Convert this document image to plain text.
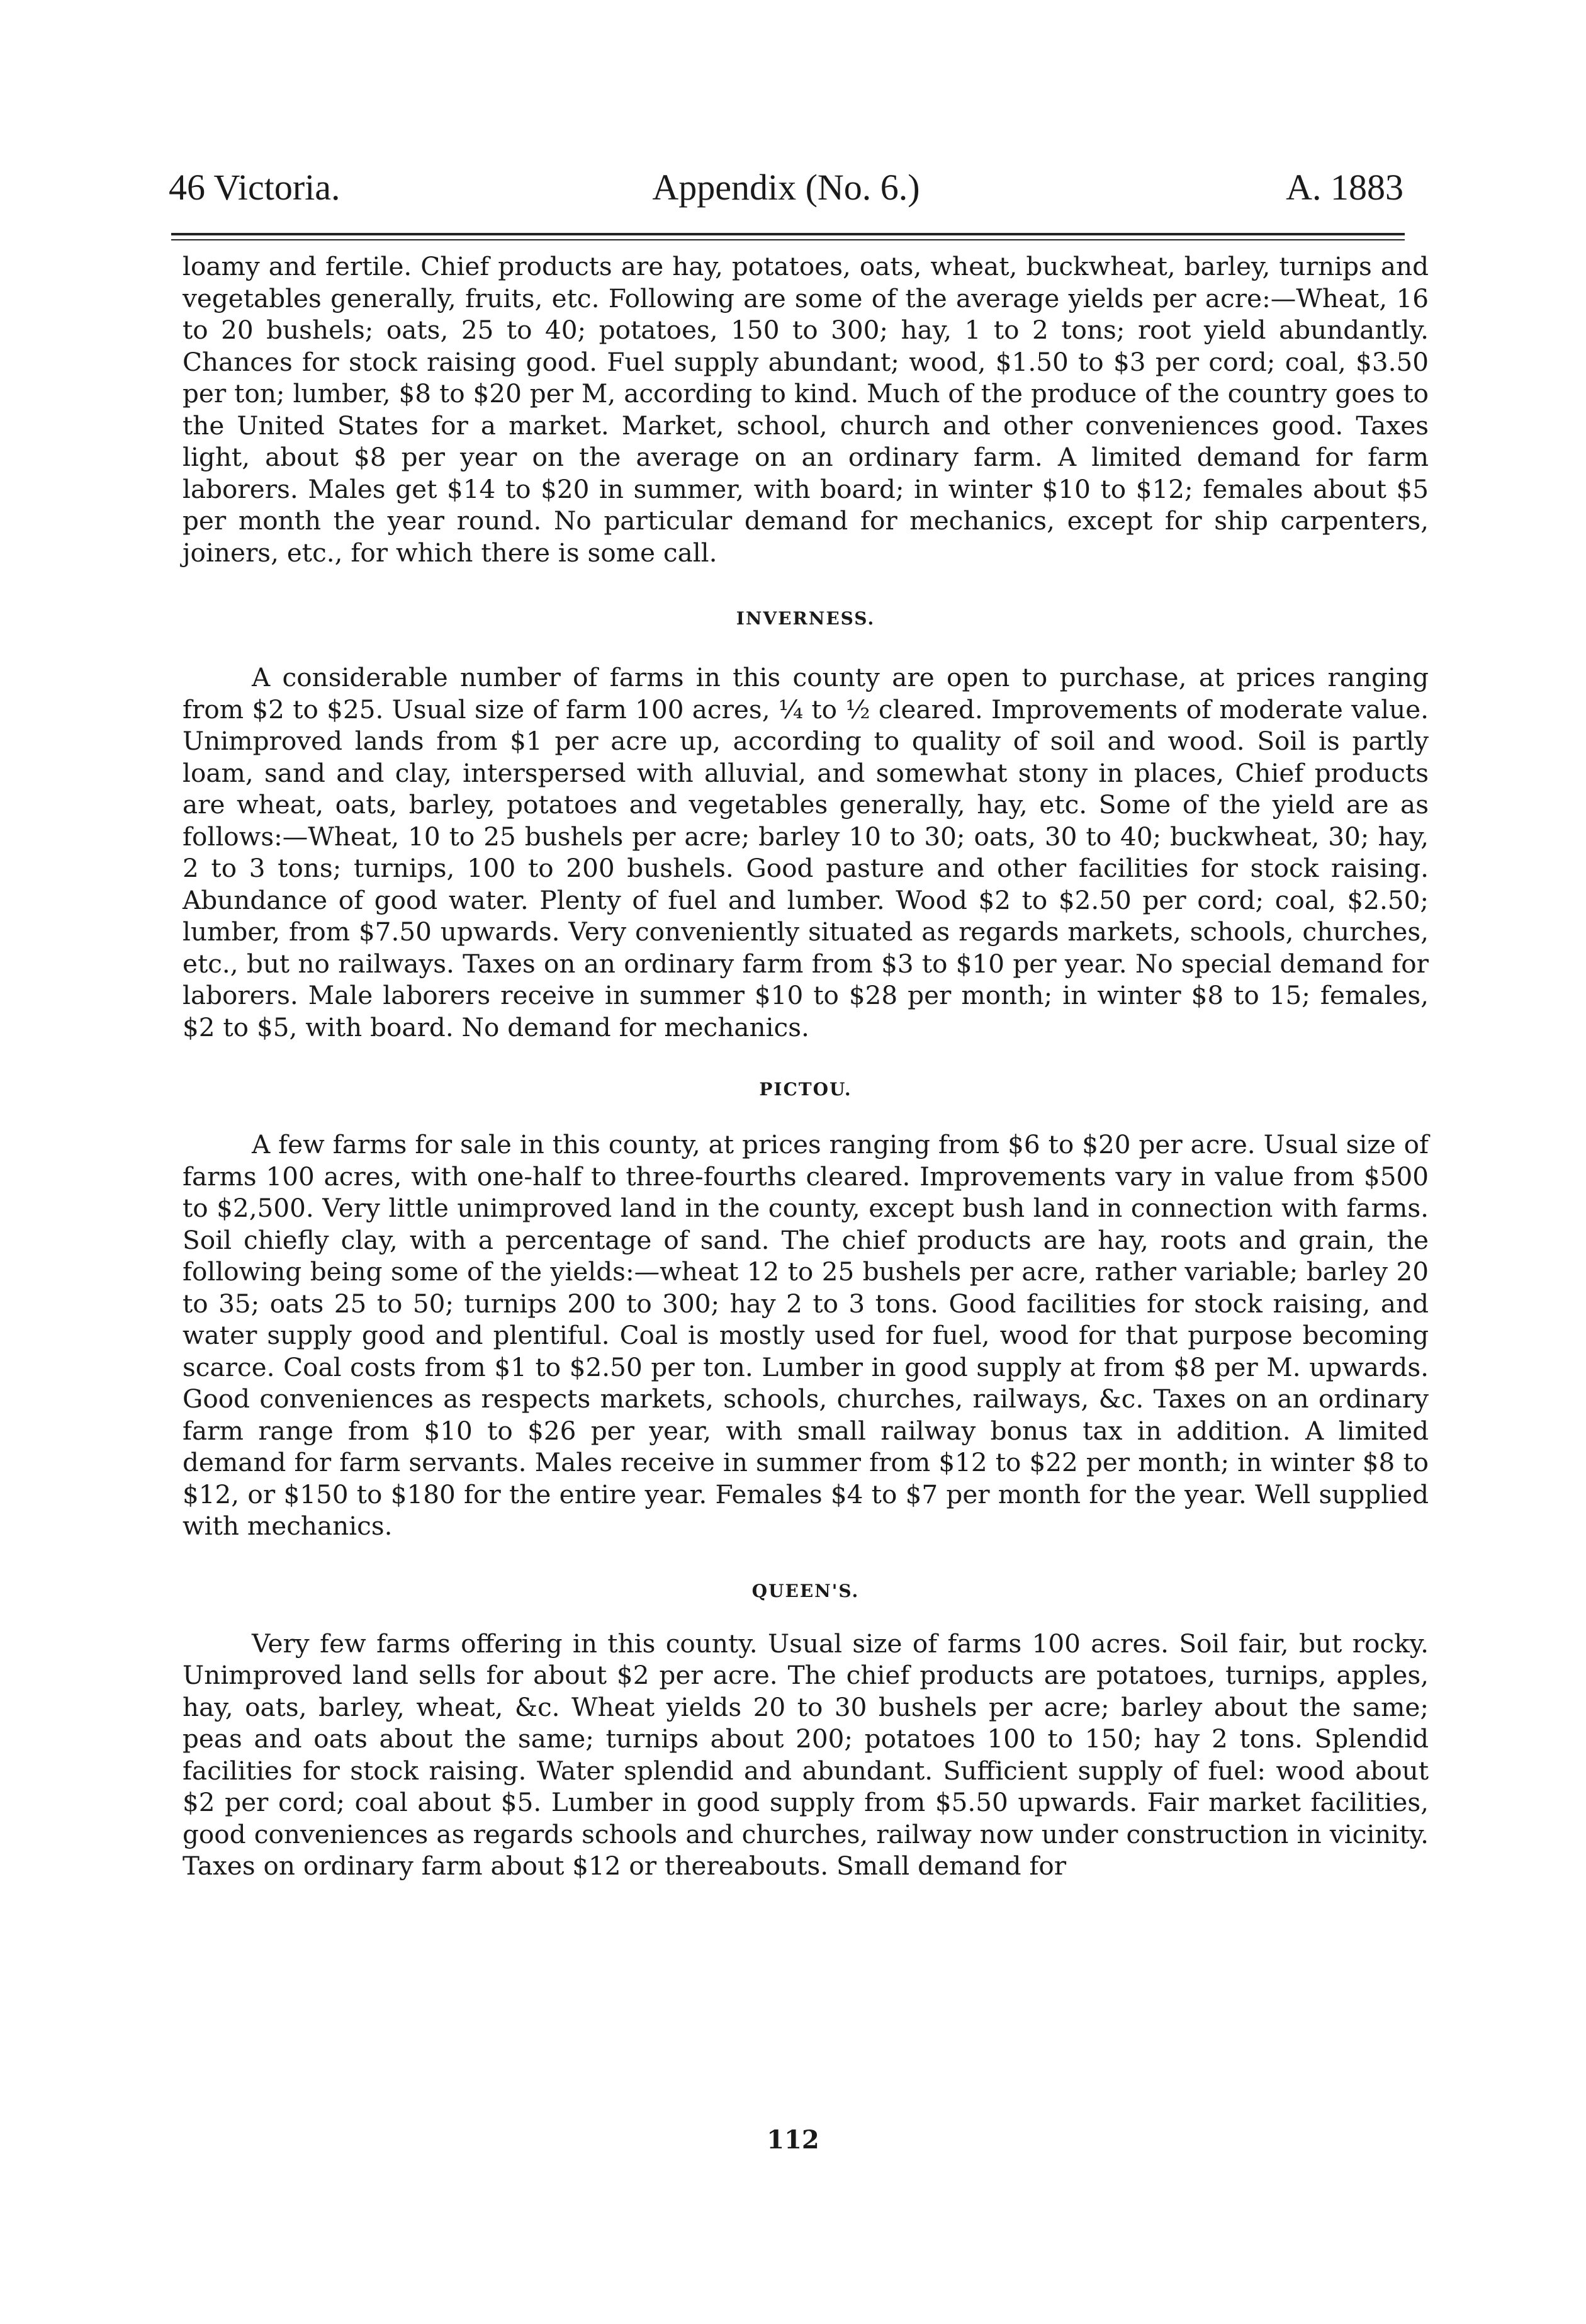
46 Victoria.	Appendix (No. 6.)	A. 1883

loamy and fertile. Chief products are hay, potatoes, oats, wheat, buckwheat, barley, turnips and vegetables generally, fruits, etc. Following are some of the average yields per acre:—Wheat, 16 to 20 bushels; oats, 25 to 40; potatoes, 150 to 300; hay, 1 to 2 tons; root yield abundantly. Chances for stock raising good. Fuel supply abundant; wood, $1.50 to $3 per cord; coal, $3.50 per ton; lumber, $8 to $20 per M, according to kind. Much of the produce of the country goes to the United States for a market. Market, school, church and other conveniences good. Taxes light, about $8 per year on the average on an ordinary farm. A limited demand for farm laborers. Males get $14 to $20 in summer, with board; in winter $10 to $12; females about $5 per month the year round. No particular demand for mechanics, except for ship carpenters, joiners, etc., for which there is some call.

INVERNESS.

A considerable number of farms in this county are open to purchase, at prices ranging from $2 to $25. Usual size of farm 100 acres, ¼ to ½ cleared. Improvements of moderate value. Unimproved lands from $1 per acre up, according to quality of soil and wood. Soil is partly loam, sand and clay, interspersed with alluvial, and somewhat stony in places, Chief products are wheat, oats, barley, potatoes and vegetables generally, hay, etc. Some of the yield are as follows:—Wheat, 10 to 25 bushels per acre; barley 10 to 30; oats, 30 to 40; buckwheat, 30; hay, 2 to 3 tons; turnips, 100 to 200 bushels. Good pasture and other facilities for stock raising. Abundance of good water. Plenty of fuel and lumber. Wood $2 to $2.50 per cord; coal, $2.50; lumber, from $7.50 upwards. Very conveniently situated as regards markets, schools, churches, etc., but no railways. Taxes on an ordinary farm from $3 to $10 per year. No special demand for laborers. Male laborers receive in summer $10 to $28 per month; in winter $8 to 15; females, $2 to $5, with board. No demand for mechanics.

PICTOU.

A few farms for sale in this county, at prices ranging from $6 to $20 per acre. Usual size of farms 100 acres, with one-half to three-fourths cleared. Improvements vary in value from $500 to $2,500. Very little unimproved land in the county, except bush land in connection with farms. Soil chiefly clay, with a percentage of sand. The chief products are hay, roots and grain, the following being some of the yields:—wheat 12 to 25 bushels per acre, rather variable; barley 20 to 35; oats 25 to 50; turnips 200 to 300; hay 2 to 3 tons. Good facilities for stock raising, and water supply good and plentiful. Coal is mostly used for fuel, wood for that purpose becoming scarce. Coal costs from $1 to $2.50 per ton. Lumber in good supply at from $8 per M. upwards. Good conveniences as respects markets, schools, churches, railways, &c. Taxes on an ordinary farm range from $10 to $26 per year, with small railway bonus tax in addition. A limited demand for farm servants. Males receive in summer from $12 to $22 per month; in winter $8 to $12, or $150 to $180 for the entire year. Females $4 to $7 per month for the year. Well supplied with mechanics.

QUEEN'S.

Very few farms offering in this county. Usual size of farms 100 acres. Soil fair, but rocky. Unimproved land sells for about $2 per acre. The chief products are potatoes, turnips, apples, hay, oats, barley, wheat, &c. Wheat yields 20 to 30 bushels per acre; barley about the same; peas and oats about the same; turnips about 200; potatoes 100 to 150; hay 2 tons. Splendid facilities for stock raising. Water splendid and abundant. Sufficient supply of fuel: wood about $2 per cord; coal about $5. Lumber in good supply from $5.50 upwards. Fair market facilities, good conveniences as regards schools and churches, railway now under construction in vicinity. Taxes on ordinary farm about $12 or thereabouts. Small demand for

112
